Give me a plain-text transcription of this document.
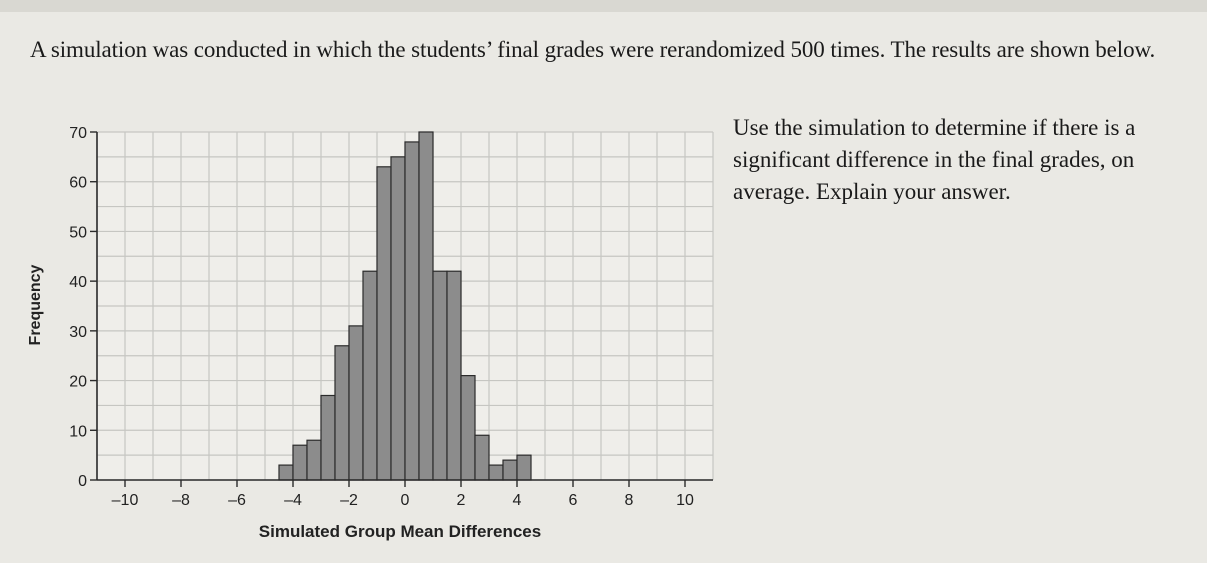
A simulation was conducted in which the students’ final grades were rerandomized 500 times. The results are shown below.
0
10
20
30
40
50
60
70
–10 –8 –6 –4 –2	0	2	4	6	8	10
Simulated Group Mean Differences
Frequency
Use the simulation to determine if there is a significant difference in the final grades, on average. Explain your answer.
